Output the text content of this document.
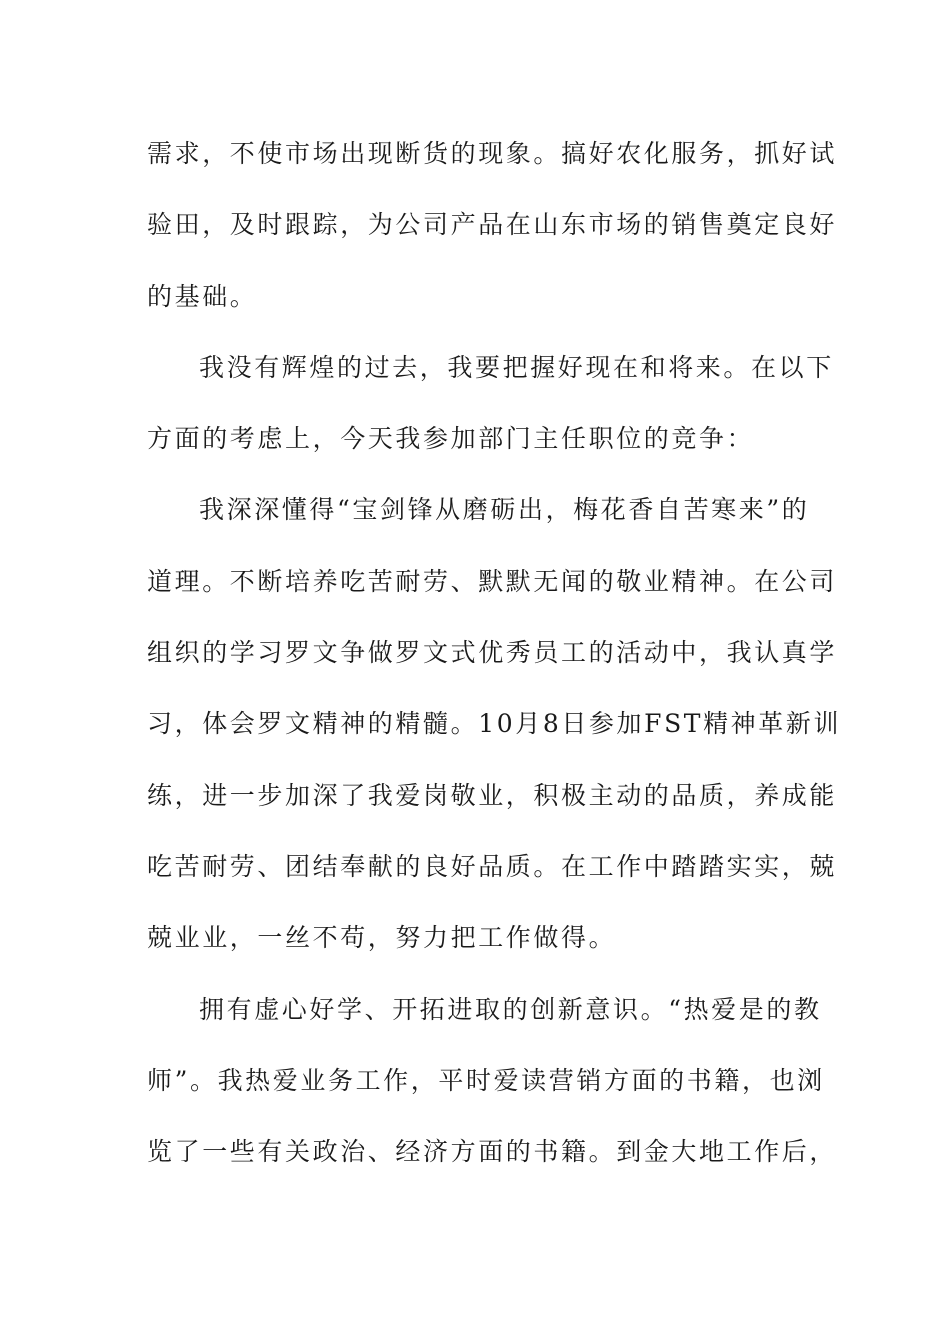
需求，不使市场出现断货的现象。搞好农化服务，抓好试
验田，及时跟踪，为公司产品在山东市场的销售奠定良好
的基础。
我没有辉煌的过去，我要把握好现在和将来。在以下
方面的考虑上，今天我参加部门主任职位的竞争：
我深深懂得“宝剑锋从磨砺出，梅花香自苦寒来”的
道理。不断培养吃苦耐劳、默默无闻的敬业精神。在公司
组织的学习罗文争做罗文式优秀员工的活动中，我认真学
习，体会罗文精神的精髓。10月8日参加FST精神革新训
练，进一步加深了我爱岗敬业，积极主动的品质，养成能
吃苦耐劳、团结奉献的良好品质。在工作中踏踏实实，兢
兢业业，一丝不苟，努力把工作做得。
拥有虚心好学、开拓进取的创新意识。“热爱是的教
师”。我热爱业务工作，平时爱读营销方面的书籍，也浏
览了一些有关政治、经济方面的书籍。到金大地工作后，
